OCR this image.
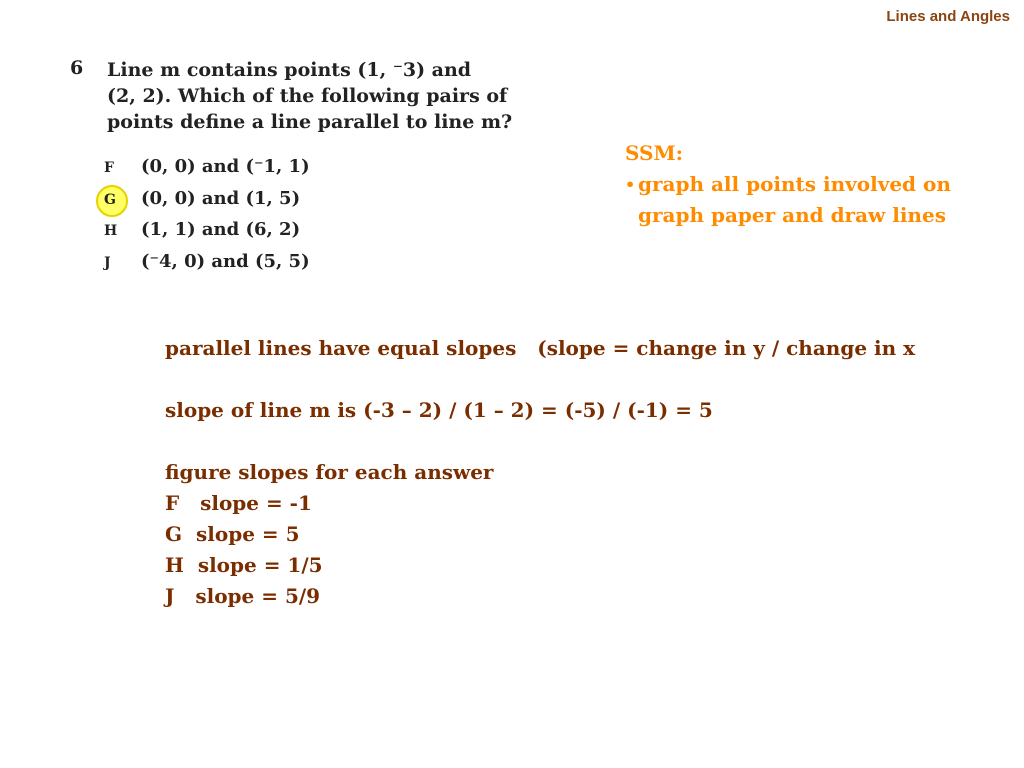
Lines and Angles
6 Line m contains points (1, ⁻3) and
(2, 2). Which of the following pairs of
points define a line parallel to line m?
F	(0, 0) and (⁻1, 1)
G	(0, 0) and (1, 5)
H	(1, 1) and (6, 2)
J	(⁻4, 0) and (5, 5)
SSM:
• graph all points involved on graph paper and draw lines
parallel lines have equal slopes   (slope = change in y / change in x
slope of line m is (-3 – 2) / (1 – 2) = (-5) / (-1) = 5
figure slopes for each answer
F   slope = -1
G  slope = 5
H  slope = 1/5
J   slope = 5/9
